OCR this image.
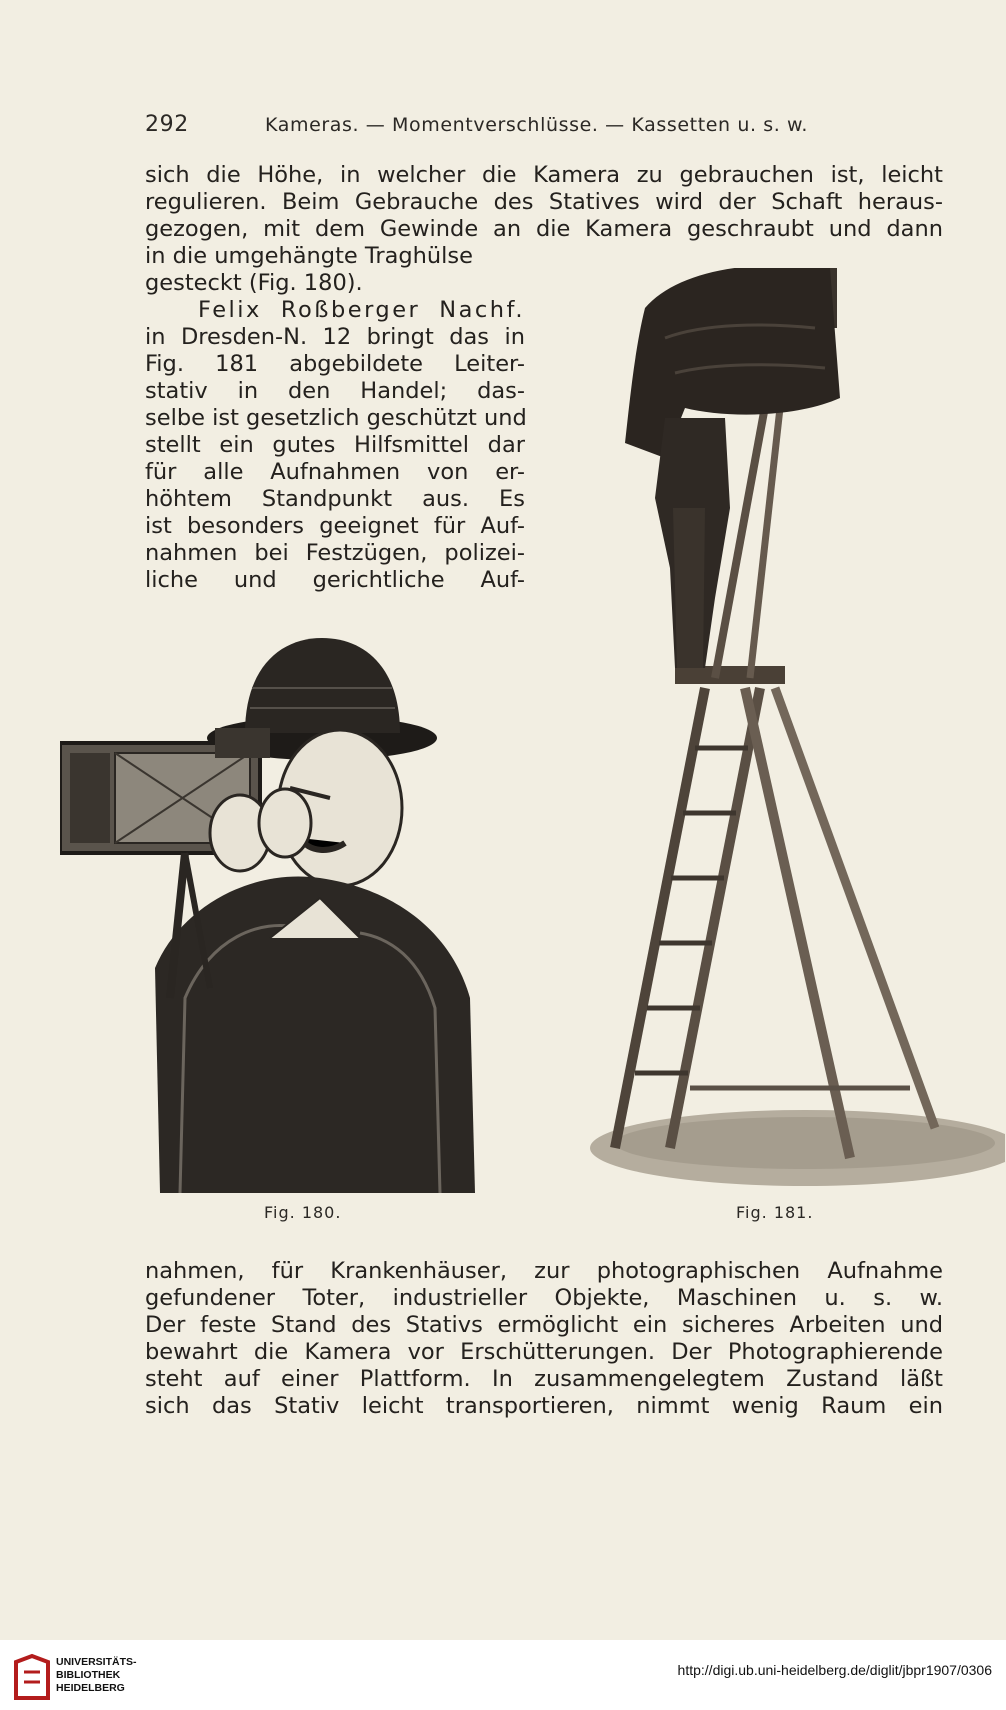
292	Kameras. — Momentverschlüsse. — Kassetten u. s. w.
sich die Höhe, in welcher die Kamera zu gebrauchen ist, leicht
regulieren. Beim Gebrauche des Statives wird der Schaft heraus-
gezogen, mit dem Gewinde an die Kamera geschraubt und dann
in die umgehängte Traghülse
gesteckt (Fig. 180).
Felix Roßberger Nachf.
in Dresden-N. 12 bringt das in
Fig. 181 abgebildete Leiter-
stativ in den Handel; das-
selbe ist gesetzlich geschützt und
stellt ein gutes Hilfsmittel dar
für alle Aufnahmen von er-
höhtem Standpunkt aus. Es
ist besonders geeignet für Auf-
nahmen bei Festzügen, polizei-
liche und gerichtliche Auf-
Fig. 181.
Fig. 180.
nahmen, für Krankenhäuser, zur photographischen Aufnahme
gefundener Toter, industrieller Objekte, Maschinen u. s. w.
Der feste Stand des Stativs ermöglicht ein sicheres Arbeiten und
bewahrt die Kamera vor Erschütterungen. Der Photographierende
steht auf einer Plattform. In zusammengelegtem Zustand läßt
sich das Stativ leicht transportieren, nimmt wenig Raum ein
UNIVERSITÄTS-
BIBLIOTHEK
HEIDELBERG
http://digi.ub.uni-heidelberg.de/diglit/jbpr1907/0306
